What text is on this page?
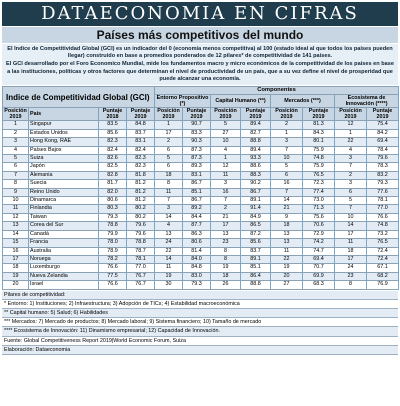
DATAECONOMIA EN CIFRAS
Países más competitivos del mundo

El Indice de Competitividad Global (GCI) es un indicador del 0 (economía menos competitiva) al 100 (estado ideal al que todos los países pueden llegar) construido en base a promedios ponderados de 12 pilares* de competitividad de 141 países.

El GCI desarrollado por el Foro Economico Mundial, mide los fundamentos macro y micro económicos de la competitividad de los países en base a las instituciones, políticas y otros factores que determinan el nivel de productividad de un país, que a su vez define el nivel de prosperidad que puede alcanzar una economía.

Indice de Competitividad Global (GCI)				Componentes							
				Entorno Propositivo (*)		Capital Humano (**)		Mercados (***)		Ecosistema de Innovación (****)	
Posición 2019	País	Puntaje 2018	Puntaje 2019	Posición 2019	Puntaje 2019	Posición 2019	Puntaje 2019	Posición 2019	Puntaje 2019	Posición 2019	Puntaje 2019
1	Singapur	83.5	84.8	1	90.7	5	89.4	2	81.3	12	75.4
2	Estados Unidos	85.6	83.7	17	83.3	27	82.7	1	84.3	1	84.2
3	Hong Kong, RAE	82.3	83.1	2	90.3	10	88.8	3	80.1	22	69.4
4	Países Bajos	82.4	82.4	6	87.3	4	89.4	7	75.9	4	78.4
5	Suiza	82.6	82.3	5	87.3	1	93.3	10	74.8	3	79.6
6	Japón	82.5	82.3	6	89.3	12	88.6	5	75.9	7	78.3
7	Alemania	82.8	81.8	18	83.1	11	88.3	6	76.5	2	83.2
8	Suecia	81.7	81.2	8	86.7	3	90.2	16	72.3	3	79.3
9	Reino Unido	82.0	81.2	11	85.1	16	86.7	7	77.4	6	77.6
10	Dinamarca	80.6	81.2	7	86.7	7	89.1	14	73.0	5	78.1
11	Finlandia	80.3	80.2	3	89.2	2	91.4	21	71.3	7	77.0
12	Taiwan	79.3	80.2	14	84.4	21	84.9	9	75.6	10	76.6
13	Corea del Sur	78.8	79.6	4	87.7	17	86.5	18	70.6	14	74.8
14	Canadá	79.9	79.6	13	86.3	13	87.2	13	72.9	17	73.2
15	Francia	78.0	78.8	24	80.6	23	85.6	13	74.2	11	76.5
16	Australia	78.9	78.7	22	81.4	8	83.7	11	74.7	18	72.4
17	Noruega	78.2	78.1	14	84.0	8	89.1	22	69.4	17	72.4
18	Luxemburgo	76.6	77.0	11	84.8	19	85.1	19	70.7	24	67.1
19	Nueva Zelandia	77.5	76.7	19	83.0	18	86.4	20	69.9	23	68.2
20	Israel	76.6	76.7	30	79.3	26	88.8	27	68.3	8	76.9
Pilares de competitividad:
* Entorno: 1) Instituciones; 2) Infraestructura; 3) Adopción de TICs; 4) Estabilidad macroeconómica
** Capital humano: 5) Salud; 6) Habilidades
*** Mercados: 7) Mercado de productos; 8) Mercado laboral; 9) Sistema financiero; 10) Tamaño de mercado
**** Ecosistema de Innovación: 11) Dinamismo empresarial; 12) Capacidad de Innovación.
Fuente: Global Competitiveness Report 2019|World Economic Forum, Suiza
Elaboración: Dataeconomia
